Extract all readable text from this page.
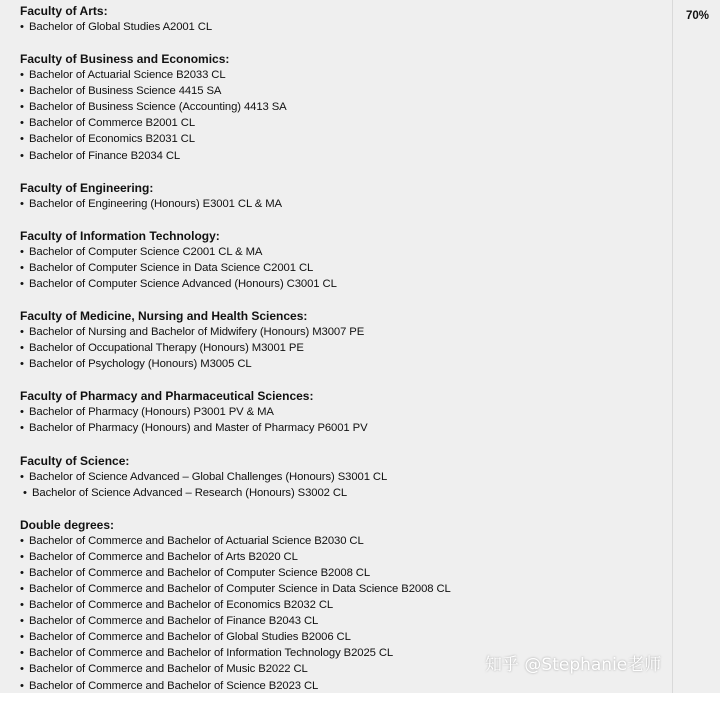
Faculty of Arts:
• Bachelor of Global Studies A2001 CL
Faculty of Business and Economics:
• Bachelor of Actuarial Science B2033 CL
• Bachelor of Business Science 4415 SA
• Bachelor of Business Science (Accounting) 4413 SA
• Bachelor of Commerce B2001 CL
• Bachelor of Economics B2031 CL
• Bachelor of Finance B2034 CL
Faculty of Engineering:
• Bachelor of Engineering (Honours) E3001 CL & MA
Faculty of Information Technology:
• Bachelor of Computer Science C2001 CL & MA
• Bachelor of Computer Science in Data Science C2001 CL
• Bachelor of Computer Science Advanced (Honours) C3001 CL
Faculty of Medicine, Nursing and Health Sciences:
• Bachelor of Nursing and Bachelor of Midwifery (Honours) M3007 PE
• Bachelor of Occupational Therapy (Honours) M3001 PE
• Bachelor of Psychology (Honours) M3005 CL
Faculty of Pharmacy and Pharmaceutical Sciences:
• Bachelor of Pharmacy (Honours) P3001 PV & MA
• Bachelor of Pharmacy (Honours) and Master of Pharmacy P6001 PV
Faculty of Science:
• Bachelor of Science Advanced – Global Challenges (Honours) S3001 CL
• Bachelor of Science Advanced – Research (Honours) S3002 CL
Double degrees:
• Bachelor of Commerce and Bachelor of Actuarial Science B2030 CL
• Bachelor of Commerce and Bachelor of Arts B2020 CL
• Bachelor of Commerce and Bachelor of Computer Science B2008 CL
• Bachelor of Commerce and Bachelor of Computer Science in Data Science B2008 CL
• Bachelor of Commerce and Bachelor of Economics B2032 CL
• Bachelor of Commerce and Bachelor of Finance B2043 CL
• Bachelor of Commerce and Bachelor of Global Studies B2006 CL
• Bachelor of Commerce and Bachelor of Information Technology B2025 CL
• Bachelor of Commerce and Bachelor of Music B2022 CL
• Bachelor of Commerce and Bachelor of Science B2023 CL
70%
知乎 @Stephanie老师
